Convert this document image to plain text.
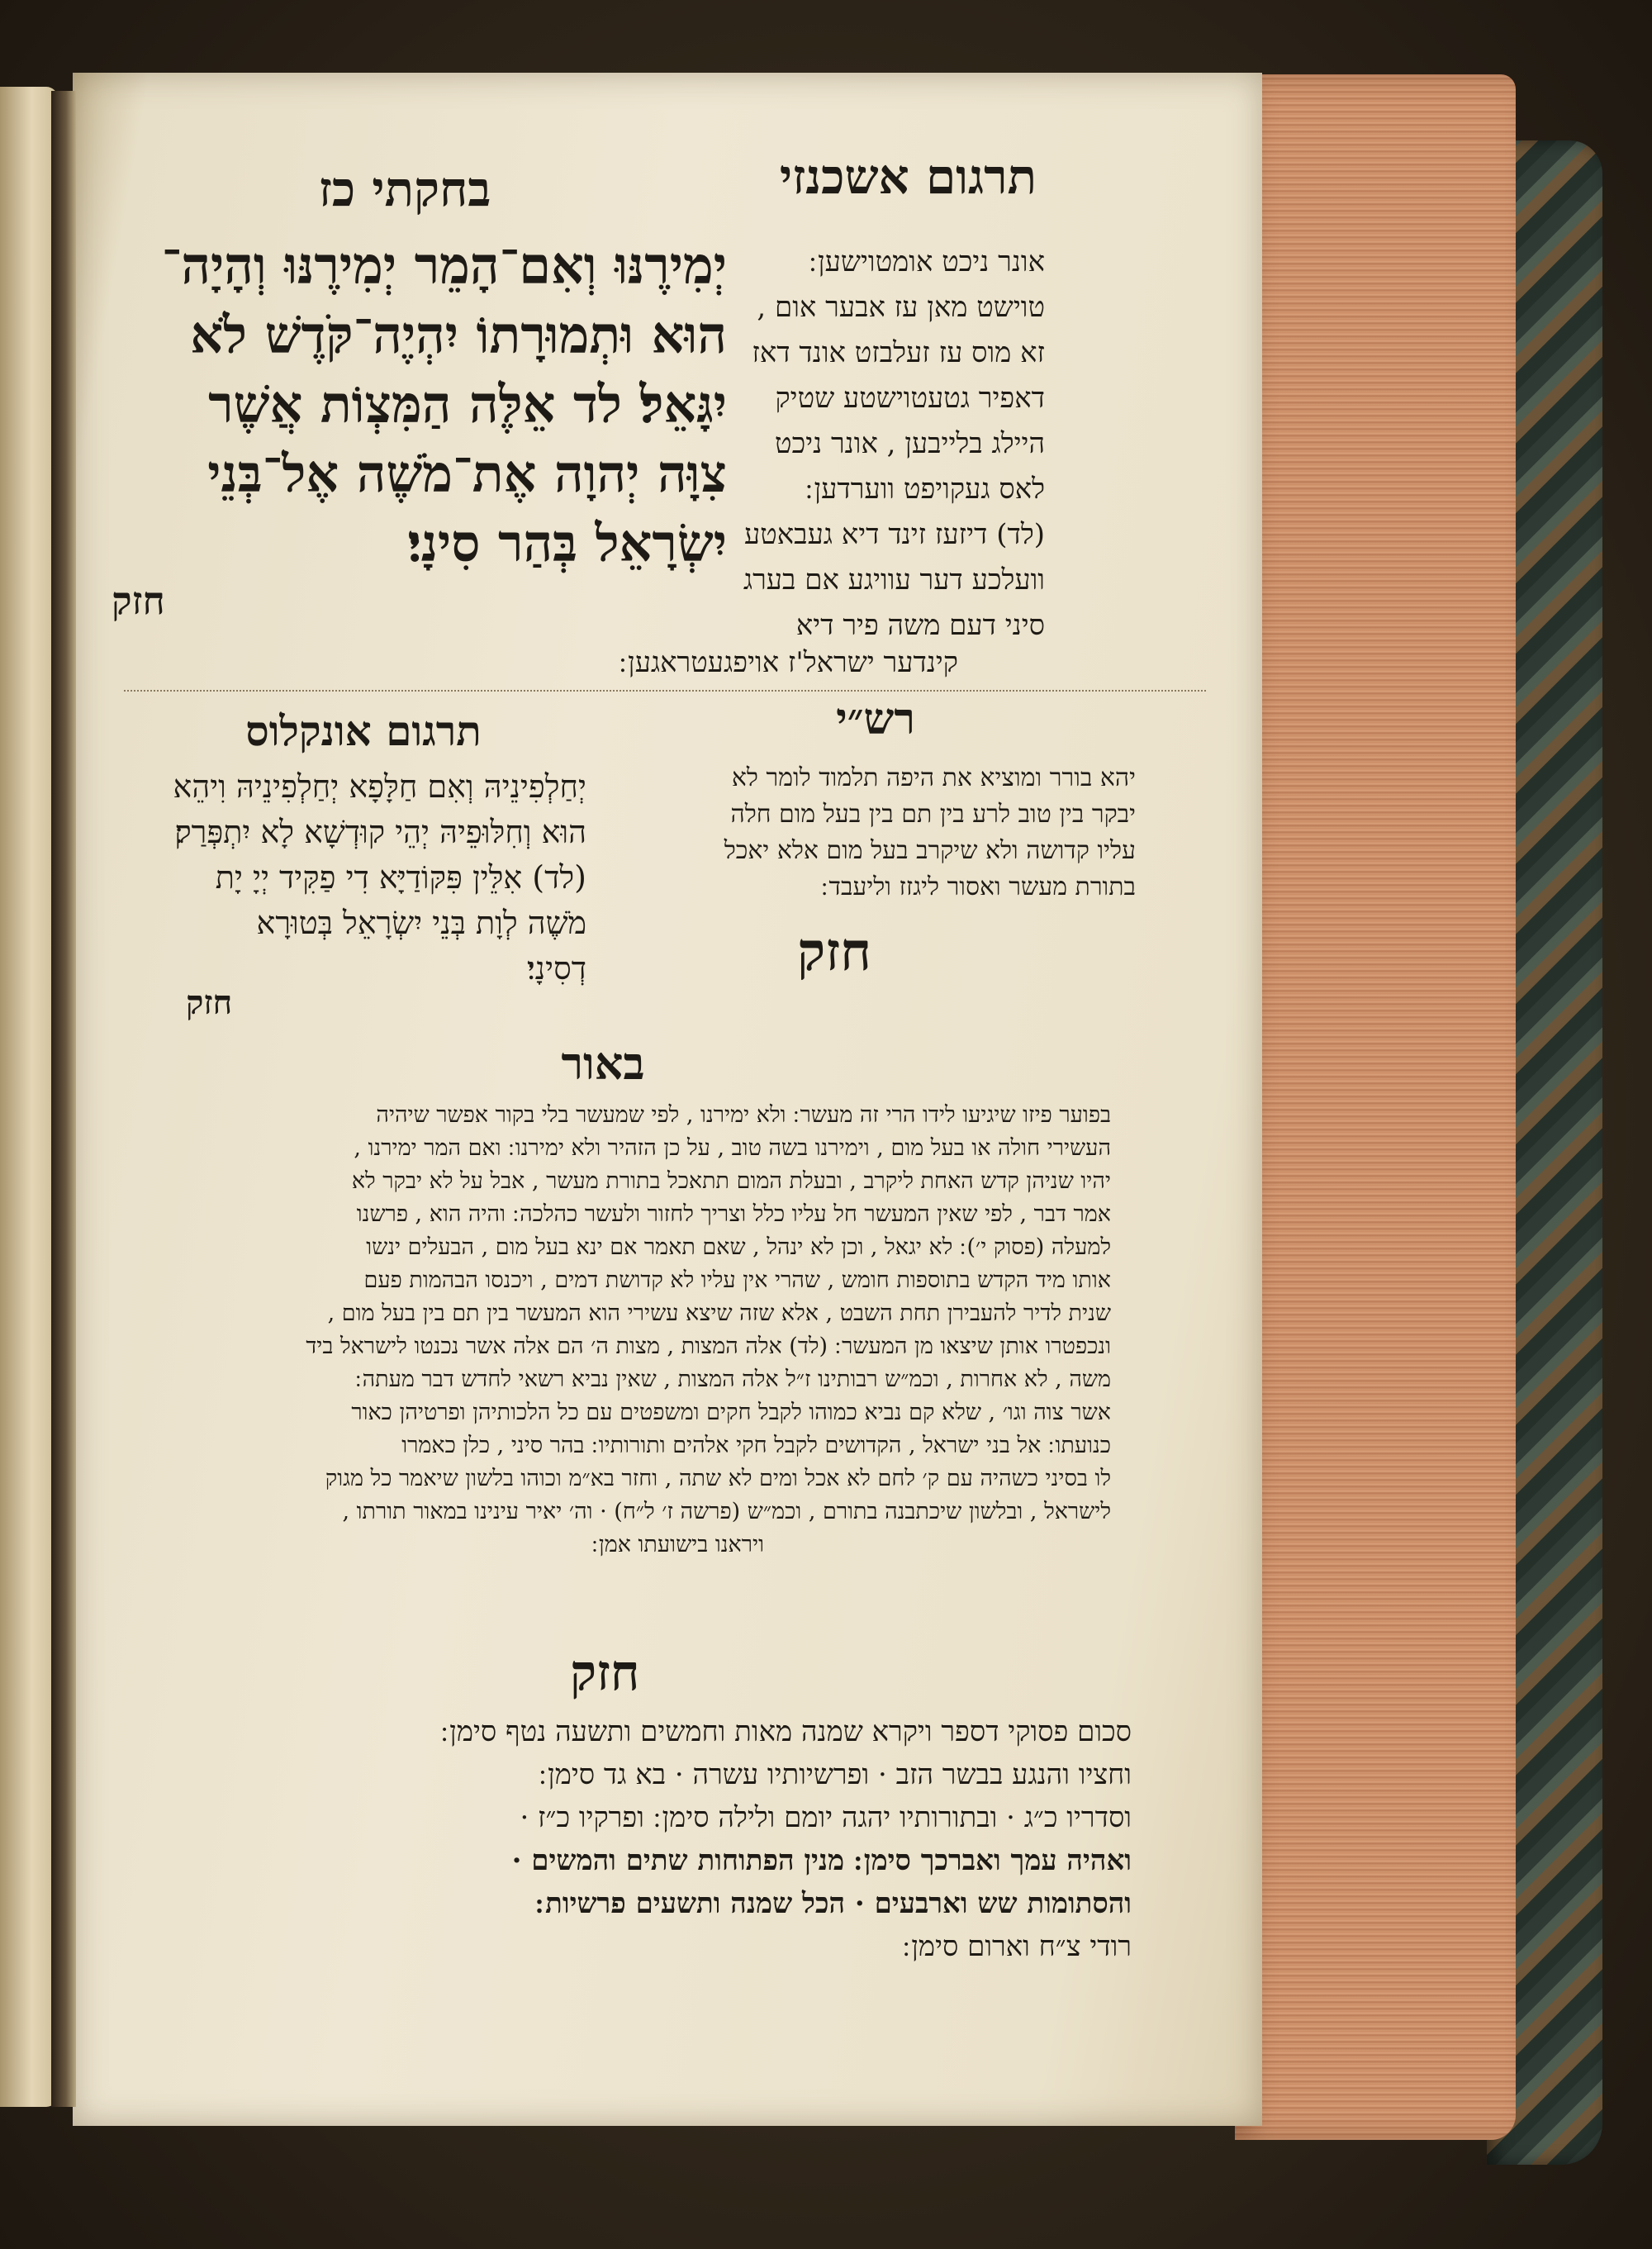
תרגום אשכנזי
בחקתי כז
יְמִירֶנּוּ וְאִם־הָמֵר יְמִירֶנּוּ וְהָיָה־
הוּא וּתְמוּרָתוֹ יִהְיֶה־קֹּדֶשׁ לֹא
יִגָּאֵל׃ לד אֵלֶּה הַמִּצְוֹת אֲשֶׁר
צִוָּה יְהוָה אֶת־מֹשֶׁה אֶל־בְּנֵי
יִשְׂרָאֵל בְּהַר סִינָי׃
חזק
אונר ניכט אומטוישען ׃
טוישט מאן עז אבער אום ,
זא מוס עז זעלבזט אונד דאז
דאפיר גטעטוישטע שטיק
היילג בלייבען , אונר ניכט
לאס געקויפט ווערדען ׃
(לד) דיזעז זינד דיא געבאטע
וועלכע דער עוויגע אם בערג
סיני דעם משה פיר דיא
קינדער ישראל'ז אויפגעטראגען ׃
רש״י
יהא בורר ומוציא את היפה תלמוד לומר לא
יבקר בין טוב לרע בין תם בין בעל מום חלה
עליו קדושה ולא שיקרב בעל מום אלא יאכל
בתורת מעשר ואסור ליגזז וליעבד ׃
חזק
תרגום אונקלוס
יְחַלְפִינֵיהּ וְאִם חַלָּפָא יְחַלְפִינֵיהּ וִיהֵא
הוּא וְחִלּוּפֵיהּ יְהֵי קוּדְשָׁא לָא יִתְפְּרַק׃
(לד) אִלֵּין פִּקּוֹדַיָּא דִי פַקִּיד יְיָ יָת
מֹשֶׁה לְוָת בְּנֵי יִשְׂרָאֵל בְּטוּרָא
דְסִינָי׃
חזק
באור
בפוער פיזו שיגיעו לידו הרי זה מעשר ׃ ולא ימירנו , לפי שמעשר בלי בקור אפשר שיהיה
העשירי חולה או בעל מום , וימירנו בשה טוב , על כן הזהיר ולא ימירנו ׃ ואם המר ימירנו ,
יהיו שניהן קדש האחת ליקרב , ובעלת המום תתאכל בתורת מעשר , אבל על לא יבקר לא
אמר דבר , לפי שאין המעשר חל עליו כלל וצריך לחזור ולעשר כהלכה ׃ והיה הוא , פרשנו
למעלה (פסוק י׳) ׃ לא יגאל , וכן לא ינהל , שאם תאמר אם ינא בעל מום , הבעלים ינשו
אותו מיד הקדש בתוספות חומש , שהרי אין עליו לא קדושת דמים , ויכנסו הבהמות פעם
שנית לדיר להעבירן תחת השבט , אלא שזה שיצא עשירי הוא המעשר בין תם בין בעל מום ,
ונכפטרו אותן שיצאו מן המעשר ׃ (לד) אלה המצות , מצות ה׳ הם אלה אשר נכנטו לישראל ביד
משה , לא אחרות , וכמ״ש רבותינו ז״ל אלה המצות , שאין נביא רשאי לחדש דבר מעתה ׃
אשר צוה וגו׳ , שלא קם נביא כמוהו לקבל חקים ומשפטים עם כל הלכותיהן ופרטיהן כאור
כנועתו ׃ אל בני ישראל , הקדושים לקבל חקי אלהים ותורותיו ׃ בהר סיני , כלן כאמרו
לו בסיני כשהיה עם ק׳ לחם לא אכל ומים לא שתה , וחזר בא״מ וכוהו בלשון שיאמר כל מגוק
לישראל , ובלשון שיכתבנה בתורם , וכמ״ש (פרשה ז׳ ל״ח) · וה׳ יאיר עינינו במאור תורתו ,
ויראנו בישועתו אמן ׃
חזק
סכום פסוקי דספר ויקרא שמנה מאות וחמשים ותשעה נטף סימן ׃
וחציו והנגע בבשר הזב · ופרשיותיו עשרה · בא גד סימן ׃
וסדריו כ״ג · ובתורותיו יהגה יומם ולילה סימן ׃ ופרקיו כ״ז ·
ואהיה עמך ואברכך סימן ׃ מנין הפתוחות שתים והמשים ·
והסתומות שש וארבעים · הכל שמנה ותשעים פרשיות ׃
רודי צ״ח וארום סימן ׃
